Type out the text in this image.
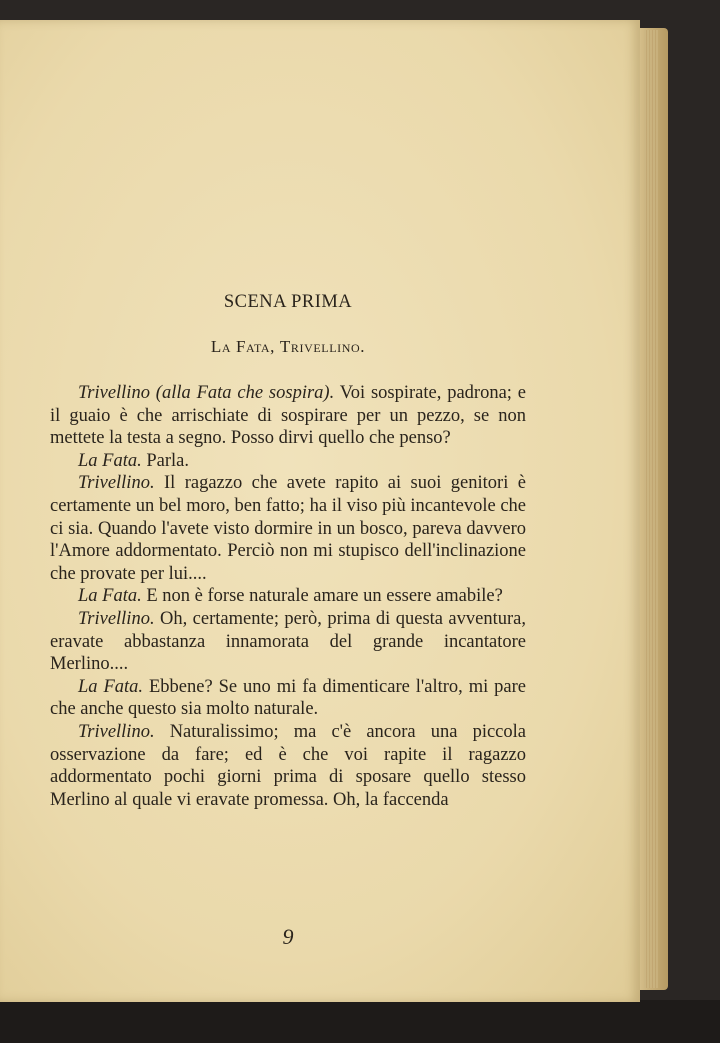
SCENA PRIMA
La Fata, Trivellino.

Trivellino (alla Fata che sospira). Voi sospirate, padrona; e il guaio è che arrischiate di sospirare per un pezzo, se non mettete la testa a segno. Posso dirvi quello che penso?

La Fata. Parla.

Trivellino. Il ragazzo che avete rapito ai suoi genitori è certamente un bel moro, ben fatto; ha il viso più incantevole che ci sia. Quando l'avete visto dormire in un bosco, pareva davvero l'Amore addormentato. Perciò non mi stupisco dell'inclinazione che provate per lui....

La Fata. E non è forse naturale amare un essere amabile?

Trivellino. Oh, certamente; però, prima di questa avventura, eravate abbastanza innamorata del grande incantatore Merlino....

La Fata. Ebbene? Se uno mi fa dimenticare l'altro, mi pare che anche questo sia molto naturale.

Trivellino. Naturalissimo; ma c'è ancora una piccola osservazione da fare; ed è che voi rapite il ragazzo addormentato pochi giorni prima di sposare quello stesso Merlino al quale vi eravate promessa. Oh, la faccenda

9
